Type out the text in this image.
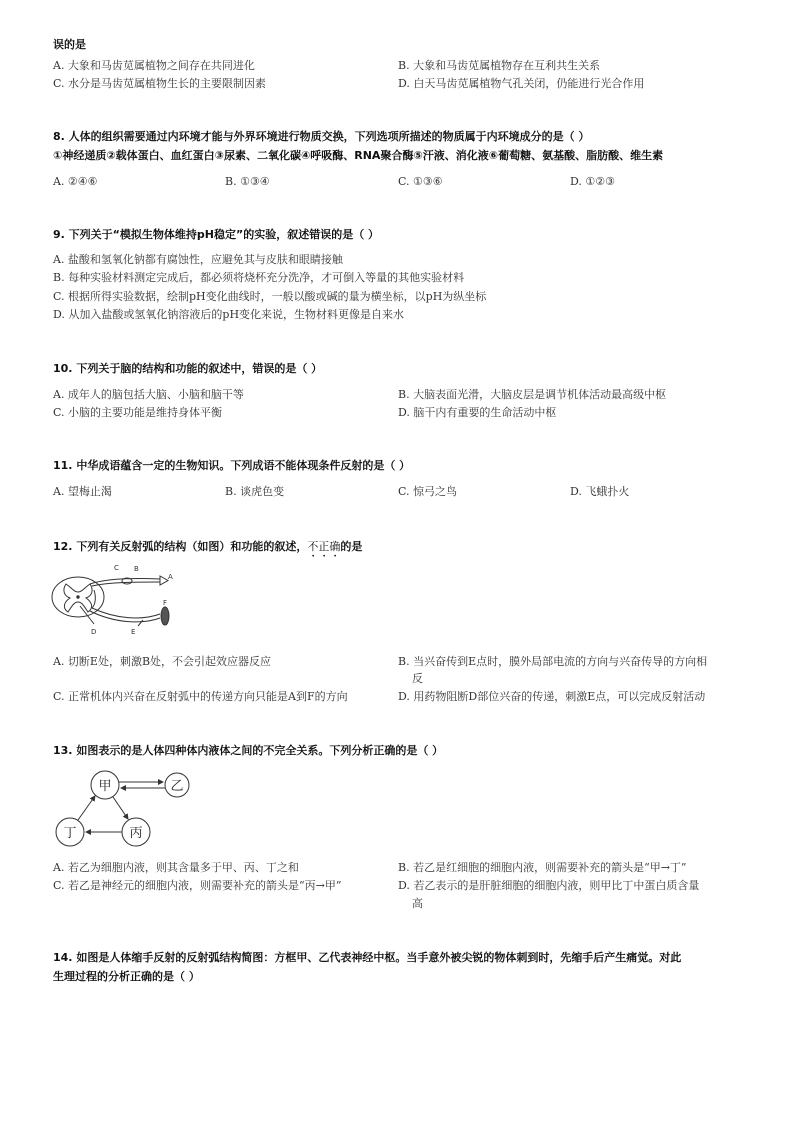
误的是
A. 大象和马齿苋属植物之间存在共同进化	B. 大象和马齿苋属植物存在互利共生关系
C. 水分是马齿苋属植物生长的主要限制因素	D. 白天马齿苋属植物气孔关闭，仍能进行光合作用
8. 人体的组织需要通过内环境才能与外界环境进行物质交换，下列选项所描述的物质属于内环境成分的是（ ）
①神经递质②载体蛋白、血红蛋白③尿素、二氧化碳④呼吸酶、RNA聚合酶⑤汗液、消化液⑥葡萄糖、氨基酸、脂肪酸、维生素
A. ②④⑥	B. ①③④	C. ①③⑥	D. ①②③
9. 下列关于“模拟生物体维持pH稳定”的实验，叙述错误的是（ ）
A. 盐酸和氢氧化钠都有腐蚀性，应避免其与皮肤和眼睛接触
B. 每种实验材料测定完成后，都必须将烧杯充分洗净，才可倒入等量的其他实验材料
C. 根据所得实验数据，绘制pH变化曲线时，一般以酸或碱的量为横坐标，以pH为纵坐标
D. 从加入盐酸或氢氧化钠溶液后的pH变化来说，生物材料更像是自来水
10. 下列关于脑的结构和功能的叙述中，错误的是（ ）
A. 成年人的脑包括大脑、小脑和脑干等	B. 大脑表面光滑，大脑皮层是调节机体活动最高级中枢
C. 小脑的主要功能是维持身体平衡	D. 脑干内有重要的生命活动中枢
11. 中华成语蕴含一定的生物知识。下列成语不能体现条件反射的是（ ）
A. 望梅止渴	B. 谈虎色变	C. 惊弓之鸟	D. 飞蛾扑火
12. 下列有关反射弧的结构（如图）和功能的叙述，不正确的是
C B
A
F
D	E
A. 切断E处，刺激B处，不会引起效应器反应	B. 当兴奋传到E点时，膜外局部电流的方向与兴奋传导的方向相
反
C. 正常机体内兴奋在反射弧中的传递方向只能是A到F的方向	D. 用药物阻断D部位兴奋的传递，刺激E点，可以完成反射活动
13. 如图表示的是人体四种体内液体之间的不完全关系。下列分析正确的是（ ）
甲	乙
丁	丙
A. 若乙为细胞内液，则其含量多于甲、丙、丁之和	B. 若乙是红细胞的细胞内液，则需要补充的箭头是“甲→丁”
C. 若乙是神经元的细胞内液，则需要补充的箭头是“丙→甲”	D. 若乙表示的是肝脏细胞的细胞内液，则甲比丁中蛋白质含量
高
14. 如图是人体缩手反射的反射弧结构简图：方框甲、乙代表神经中枢。当手意外被尖锐的物体刺到时，先缩手后产生痛觉。对此
生理过程的分析正确的是（ ）
